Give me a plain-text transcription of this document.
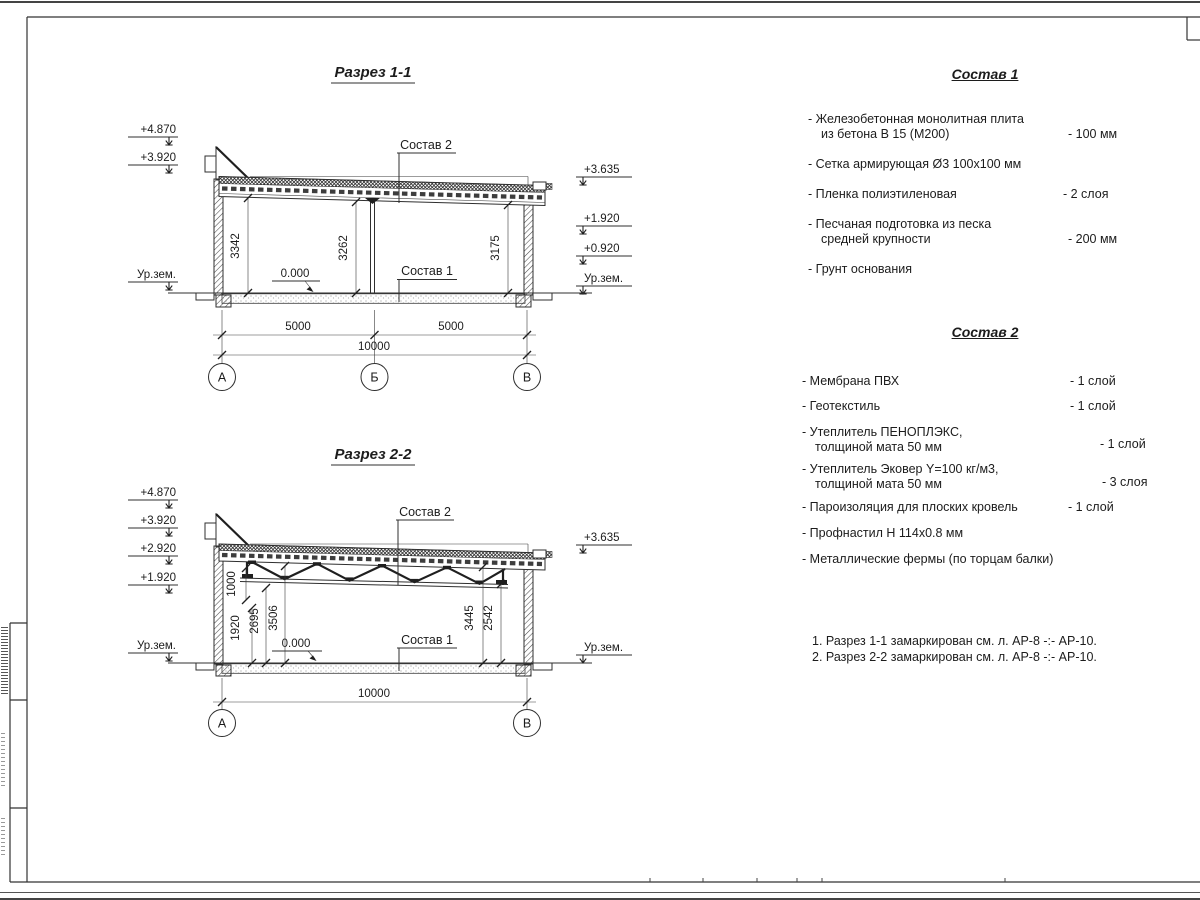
Разрез 1-1
+4.870
+3.920
Ур.зем.
+3.635
+1.920
+0.920
Ур.зем.
Состав 2
Состав 1
0.000
3342	3262	3175
5000	5000
10000
А	Б	В
Разрез 2-2
+4.870
+3.920
+2.920
+1.920
Ур.зем.
+3.635
Ур.зем.
Состав 2
Состав 1
0.000
1000
1920 2695 3506	3445 2542
10000
А	В
Состав 1
- Железобетонная монолитная плита
из бетона В 15 (М200)	- 100 мм
- Сетка армирующая Ø3 100x100 мм
- Пленка полиэтиленовая	- 2 слоя
- Песчаная подготовка из песка
средней крупности	- 200 мм
- Грунт основания
Состав 2
- Мембрана ПВХ	- 1 слой
- Геотекстиль	- 1 слой
- Утеплитель ПЕНОПЛЭКС,
толщиной мата 50 мм	- 1 слой
- Утеплитель Эковер Y=100 кг/м3,
толщиной мата 50 мм	- 3 слоя
- Пароизоляция для плоских кровель	- 1 слой
- Профнастил Н 114х0.8 мм
- Металлические фермы (по торцам балки)
1. Разрез 1-1 замаркирован см. л. АР-8 -:- АР-10.
2. Разрез 2-2 замаркирован см. л. АР-8 -:- АР-10.
